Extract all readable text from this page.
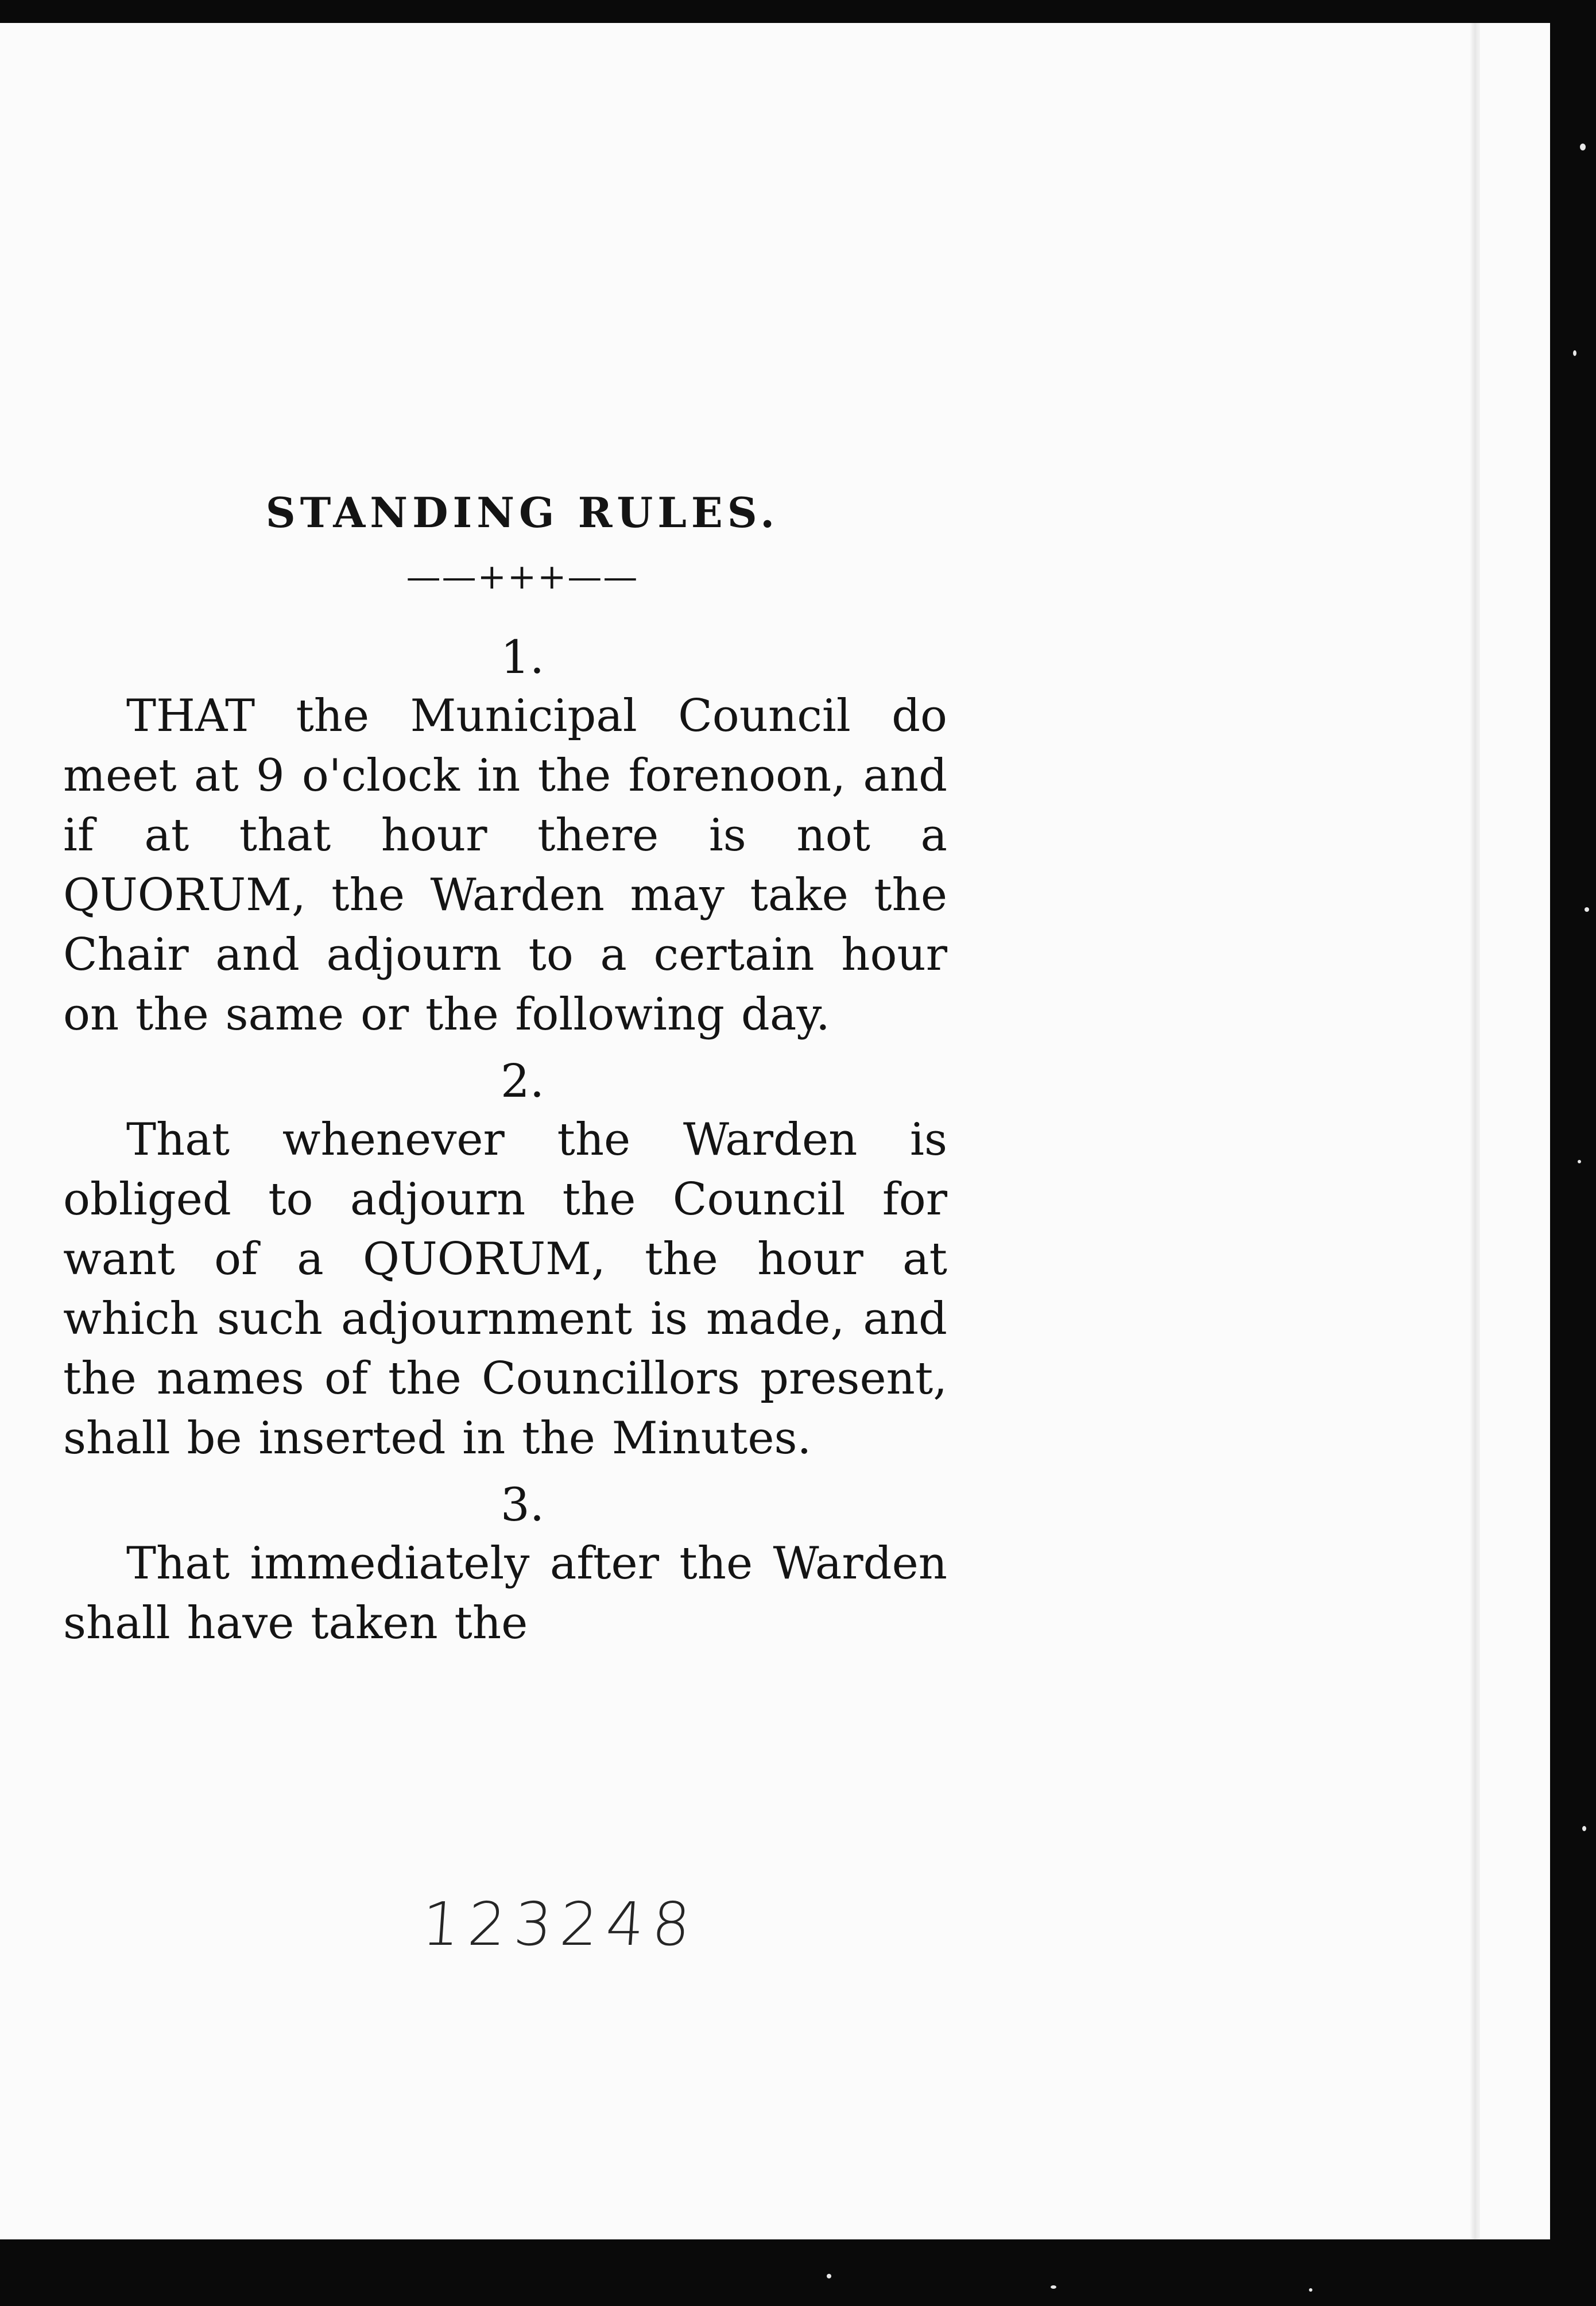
STANDING RULES.
——+++——
1.

THAT the Municipal Council do meet at 9 o'clock in the forenoon, and if at that hour there is not a QUORUM, the Warden may take the Chair and adjourn to a certain hour on the same or the following day.

2.

That whenever the Warden is obliged to adjourn the Council for want of a QUORUM, the hour at which such adjournment is made, and the names of the Councillors present, shall be inserted in the Minutes.

3.

That immediately after the Warden shall have taken the

123248
